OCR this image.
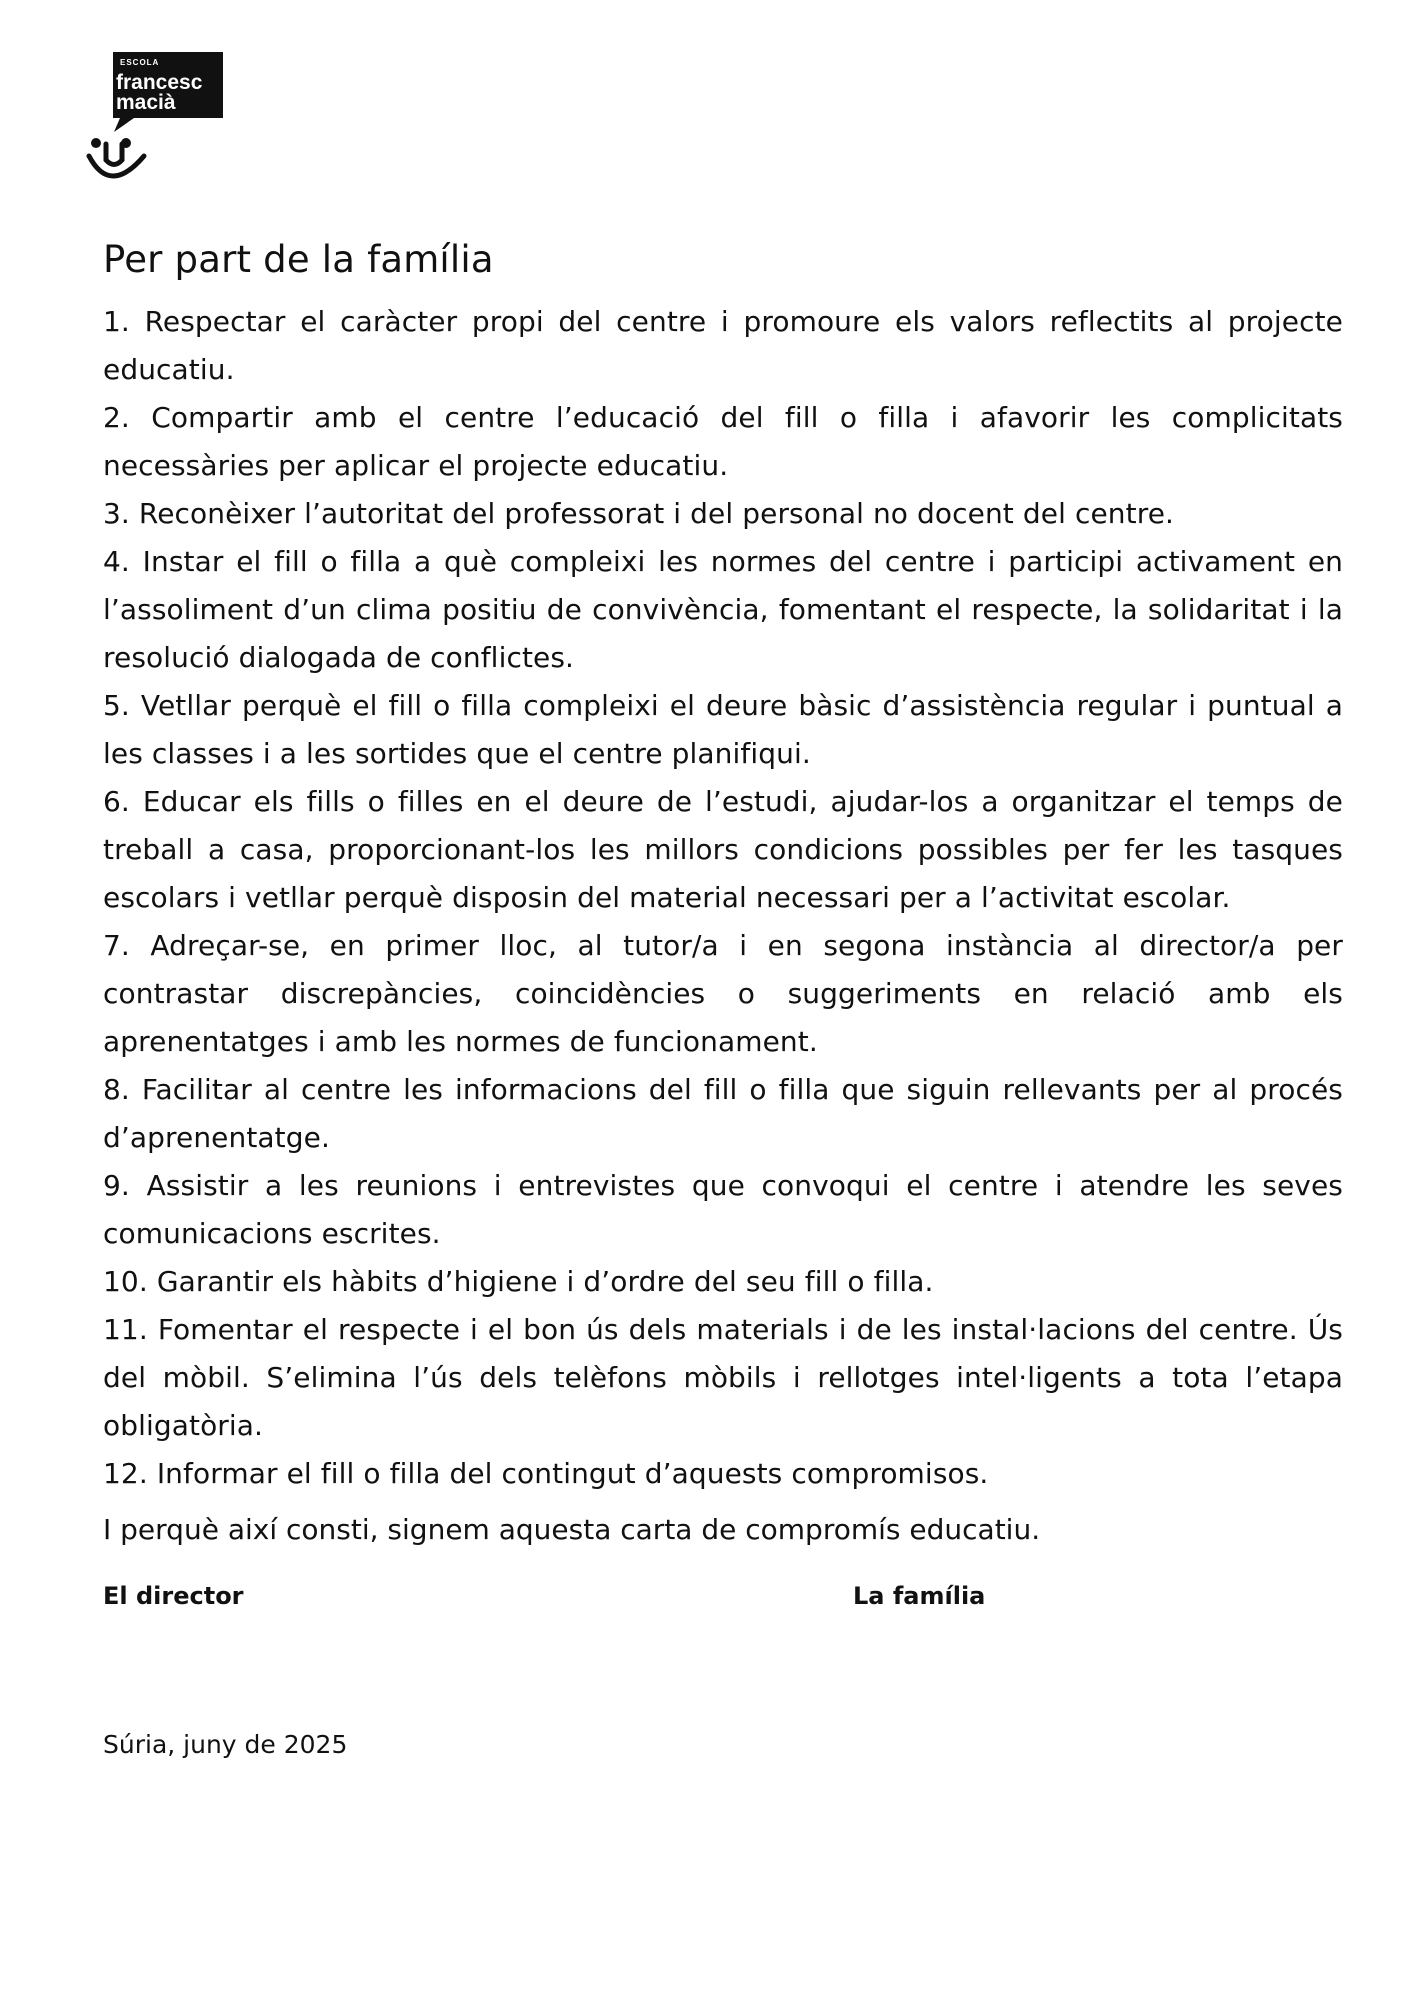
ESCOLA
francesc
macià
Per part de la família
1. Respectar el caràcter propi del centre i promoure els valors reflectits al projecte educatiu.
2. Compartir amb el centre l’educació del fill o filla i afavorir les complicitats necessàries per aplicar el projecte educatiu.
3. Reconèixer l’autoritat del professorat i del personal no docent del centre.
4. Instar el fill o filla a què compleixi les normes del centre i participi activament en l’assoliment d’un clima positiu de convivència, fomentant el respecte, la solidaritat i la resolució dialogada de conflictes.
5. Vetllar perquè el fill o filla compleixi el deure bàsic d’assistència regular i puntual a les classes i a les sortides que el centre planifiqui.
6. Educar els fills o filles en el deure de l’estudi, ajudar-los a organitzar el temps de treball a casa, proporcionant-los les millors condicions possibles per fer les tasques escolars i vetllar perquè disposin del material necessari per a l’activitat escolar.
7. Adreçar-se, en primer lloc, al tutor/a i en segona instància al director/a per contrastar discrepàncies, coincidències o suggeriments en relació amb els aprenentatges i amb les normes de funcionament.
8. Facilitar al centre les informacions del fill o filla que siguin rellevants per al procés d’aprenentatge.
9. Assistir a les reunions i entrevistes que convoqui el centre i atendre les seves comunicacions escrites.
10. Garantir els hàbits d’higiene i d’ordre del seu fill o filla.
11. Fomentar el respecte i el bon ús dels materials i de les instal·lacions del centre. Ús del mòbil. S’elimina l’ús dels telèfons mòbils i rellotges intel·ligents a tota l’etapa obligatòria.
12. Informar el fill o filla del contingut d’aquests compromisos.

I perquè així consti, signem aquesta carta de compromís educatiu.

El director	La família
Súria, juny de 2025
